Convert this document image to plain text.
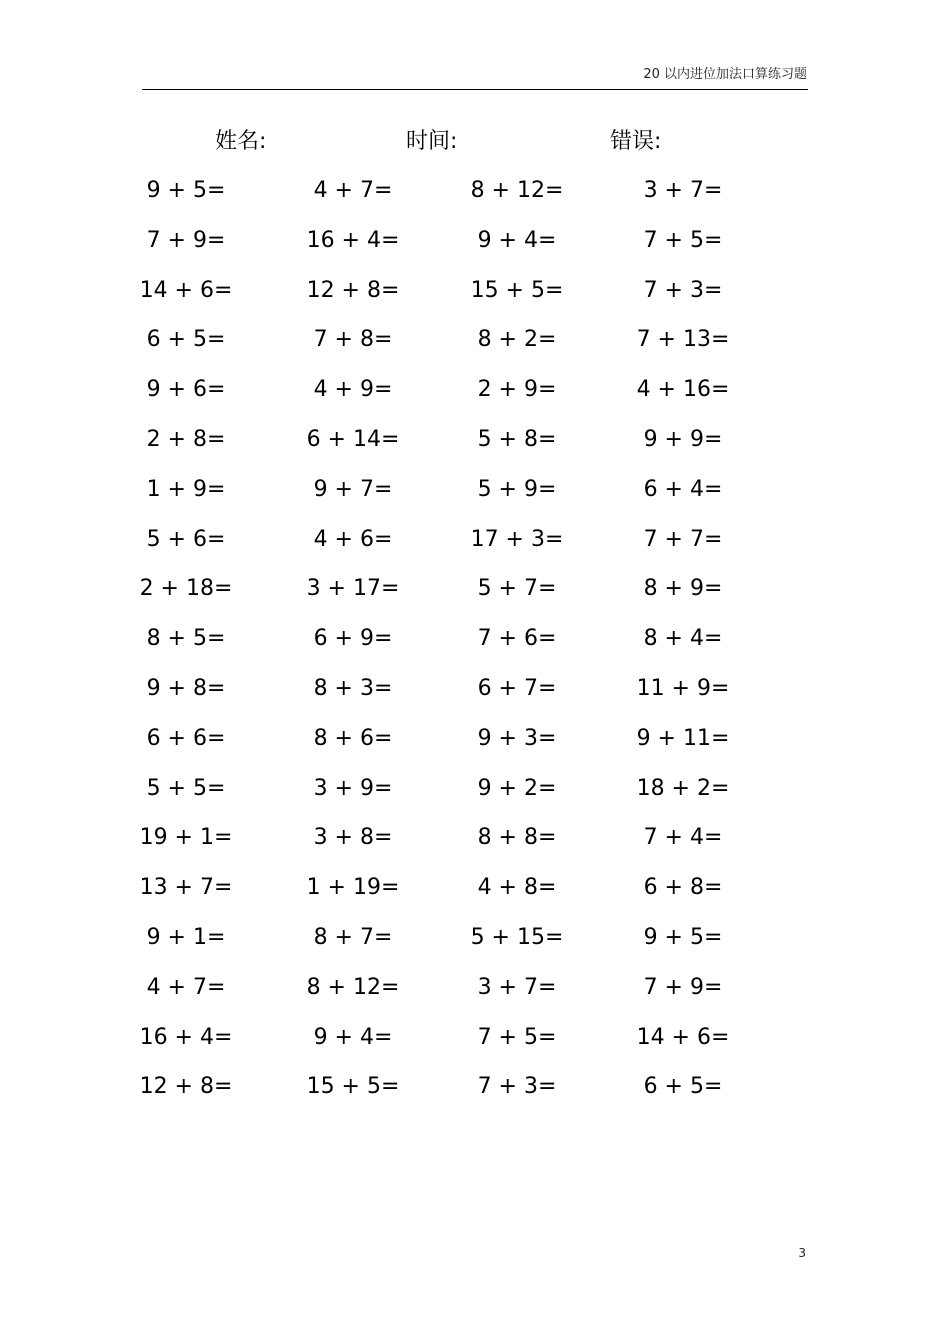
20 以内进位加法口算练习题
姓名:	时间:	错误:
9 + 5=	4 + 7=	8 + 12=	3 + 7=
7 + 9=	16 + 4=	9 + 4=	7 + 5=
14 + 6=	12 + 8=	15 + 5=	7 + 3=
6 + 5=	7 + 8=	8 + 2=	7 + 13=
9 + 6=	4 + 9=	2 + 9=	4 + 16=
2 + 8=	6 + 14=	5 + 8=	9 + 9=
1 + 9=	9 + 7=	5 + 9=	6 + 4=
5 + 6=	4 + 6=	17 + 3=	7 + 7=
2 + 18=	3 + 17=	5 + 7=	8 + 9=
8 + 5=	6 + 9=	7 + 6=	8 + 4=
9 + 8=	8 + 3=	6 + 7=	11 + 9=
6 + 6=	8 + 6=	9 + 3=	9 + 11=
5 + 5=	3 + 9=	9 + 2=	18 + 2=
19 + 1=	3 + 8=	8 + 8=	7 + 4=
13 + 7=	1 + 19=	4 + 8=	6 + 8=
9 + 1=	8 + 7=	5 + 15=	9 + 5=
4 + 7=	8 + 12=	3 + 7=	7 + 9=
16 + 4=	9 + 4=	7 + 5=	14 + 6=
12 + 8=	15 + 5=	7 + 3=	6 + 5=
3
